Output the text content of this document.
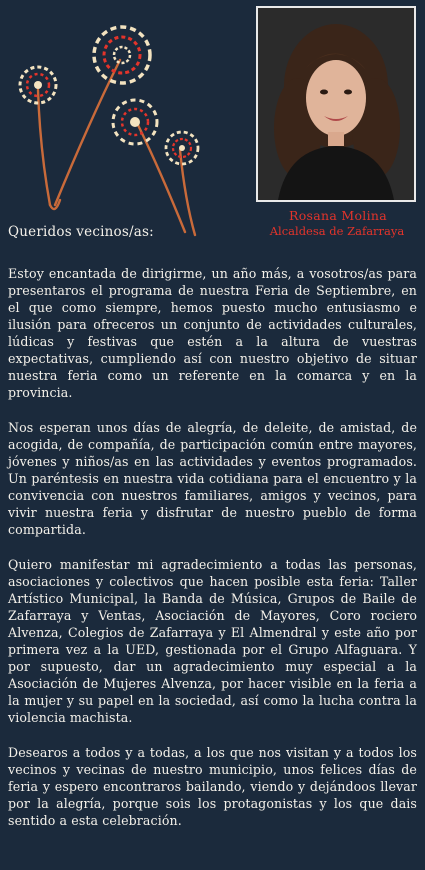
Rosana Molina
Alcaldesa de Zafarraya
Queridos vecinos/as:

Estoy encantada de dirigirme, un año más, a vosotros/as para presentaros el programa de nuestra Feria de Septiembre, en el que como siempre, hemos puesto mucho entusiasmo e ilusión para ofreceros un conjunto de actividades culturales, lúdicas y festivas que estén a la altura de vuestras expectativas, cumpliendo así con nuestro objetivo de situar nuestra feria como un referente en la comarca y en la provincia.

Nos esperan unos días de alegría, de deleite, de amistad, de acogida, de compañía, de participación común entre mayores, jóvenes y niños/as en las actividades y eventos programados. Un paréntesis en nuestra vida cotidiana para el encuentro y la convivencia con nuestros familiares, amigos y vecinos, para vivir nuestra feria y disfrutar de nuestro pueblo de forma compartida.

Quiero manifestar mi agradecimiento a todas las personas, asociaciones y colectivos que hacen posible esta feria: Taller Artístico Municipal, la Banda de Música, Grupos de Baile de Zafarraya y Ventas, Asociación de Mayores, Coro rociero Alvenza, Colegios de Zafarraya y El Almendral y este año por primera vez a la UED, gestionada por el Grupo Alfaguara. Y por supuesto, dar un agradecimiento muy especial a la Asociación de Mujeres Alvenza, por hacer visible en la feria a la mujer y su papel en la sociedad, así como la lucha contra la violencia machista.

Desearos a todos y a todas, a los que nos visitan y a todos los vecinos y vecinas de nuestro municipio, unos felices días de feria y espero encontraros bailando, viendo y dejándoos llevar por la alegría, porque sois los protagonistas y los que dais sentido a esta celebración.
